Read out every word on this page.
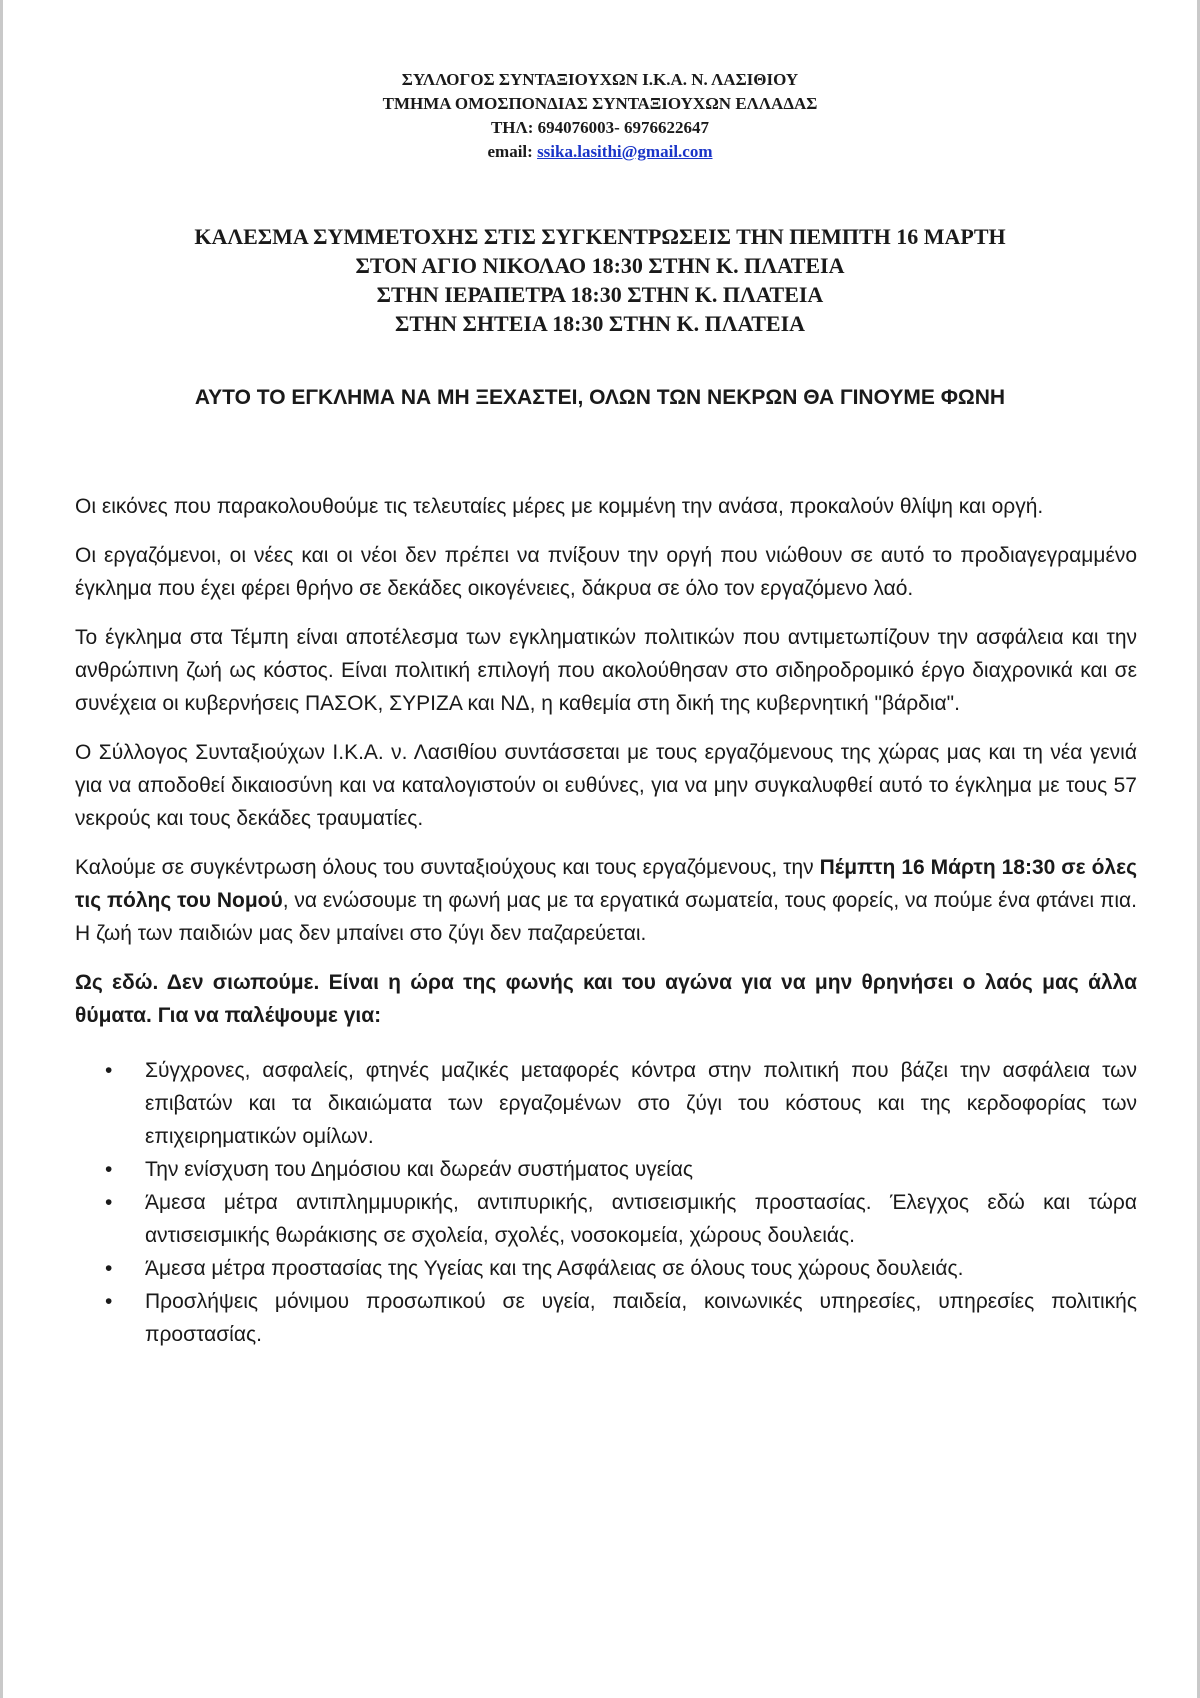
ΣΥΛΛΟΓΟΣ ΣΥΝΤΑΞΙΟΥΧΩΝ Ι.Κ.Α. Ν. ΛΑΣΙΘΙΟΥ
ΤΜΗΜΑ ΟΜΟΣΠΟΝΔΙΑΣ ΣΥΝΤΑΞΙΟΥΧΩΝ ΕΛΛΑΔΑΣ
ΤΗΛ: 694076003- 6976622647
email: ssika.lasithi@gmail.com
ΚΑΛΕΣΜΑ ΣΥΜΜΕΤΟΧΗΣ ΣΤΙΣ ΣΥΓΚΕΝΤΡΩΣΕΙΣ ΤΗΝ ΠΕΜΠΤΗ 16 ΜΑΡΤΗ
ΣΤΟΝ ΑΓΙΟ ΝΙΚΟΛΑΟ 18:30 ΣΤΗΝ Κ. ΠΛΑΤΕΙΑ
ΣΤΗΝ ΙΕΡΑΠΕΤΡΑ 18:30 ΣΤΗΝ Κ. ΠΛΑΤΕΙΑ
ΣΤΗΝ ΣΗΤΕΙΑ 18:30 ΣΤΗΝ Κ. ΠΛΑΤΕΙΑ
ΑΥΤΟ ΤΟ ΕΓΚΛΗΜΑ ΝΑ ΜΗ ΞΕΧΑΣΤΕΙ, ΟΛΩΝ ΤΩΝ ΝΕΚΡΩΝ ΘΑ ΓΙΝΟΥΜΕ ΦΩΝΗ

Οι εικόνες που παρακολουθούμε τις τελευταίες μέρες με κομμένη την ανάσα, προκαλούν θλίψη και οργή.

Οι εργαζόμενοι, οι νέες και οι νέοι δεν πρέπει να πνίξουν την οργή που νιώθουν σε αυτό το προδιαγεγραμμένο έγκλημα που έχει φέρει θρήνο σε δεκάδες οικογένειες, δάκρυα σε όλο τον εργαζόμενο λαό.

Το έγκλημα στα Τέμπη είναι αποτέλεσμα των εγκληματικών πολιτικών που αντιμετωπίζουν την ασφάλεια και την ανθρώπινη ζωή ως κόστος. Είναι πολιτική επιλογή που ακολούθησαν στο σιδηροδρομικό έργο διαχρονικά και σε συνέχεια οι κυβερνήσεις ΠΑΣΟΚ, ΣΥΡΙΖΑ και ΝΔ, η καθεμία στη δική της κυβερνητική "βάρδια".

Ο Σύλλογος Συνταξιούχων Ι.Κ.Α. ν. Λασιθίου συντάσσεται με τους εργαζόμενους της χώρας μας και τη νέα γενιά για να αποδοθεί δικαιοσύνη και να καταλογιστούν οι ευθύνες, για να μην συγκαλυφθεί αυτό το έγκλημα με τους 57 νεκρούς και τους δεκάδες τραυματίες.

Καλούμε σε συγκέντρωση όλους του συνταξιούχους και τους εργαζόμενους, την Πέμπτη 16 Μάρτη 18:30 σε όλες τις πόλης του Νομού, να ενώσουμε τη φωνή μας με τα εργατικά σωματεία, τους φορείς, να πούμε ένα φτάνει πια. Η ζωή των παιδιών μας δεν μπαίνει στο ζύγι δεν παζαρεύεται.

Ως εδώ. Δεν σιωπούμε. Είναι η ώρα της φωνής και του αγώνα για να μην θρηνήσει ο λαός μας άλλα θύματα. Για να παλέψουμε για:

• Σύγχρονες, ασφαλείς, φτηνές μαζικές μεταφορές κόντρα στην πολιτική που βάζει την ασφάλεια των επιβατών και τα δικαιώματα των εργαζομένων στο ζύγι του κόστους και της κερδοφορίας των επιχειρηματικών ομίλων.
• Την ενίσχυση του Δημόσιου και δωρεάν συστήματος υγείας
• Άμεσα μέτρα αντιπλημμυρικής, αντιπυρικής, αντισεισμικής προστασίας. Έλεγχος εδώ και τώρα αντισεισμικής θωράκισης σε σχολεία, σχολές, νοσοκομεία, χώρους δουλειάς.
• Άμεσα μέτρα προστασίας της Υγείας και της Ασφάλειας σε όλους τους χώρους δουλειάς.
• Προσλήψεις μόνιμου προσωπικού σε υγεία, παιδεία, κοινωνικές υπηρεσίες, υπηρεσίες πολιτικής προστασίας.
